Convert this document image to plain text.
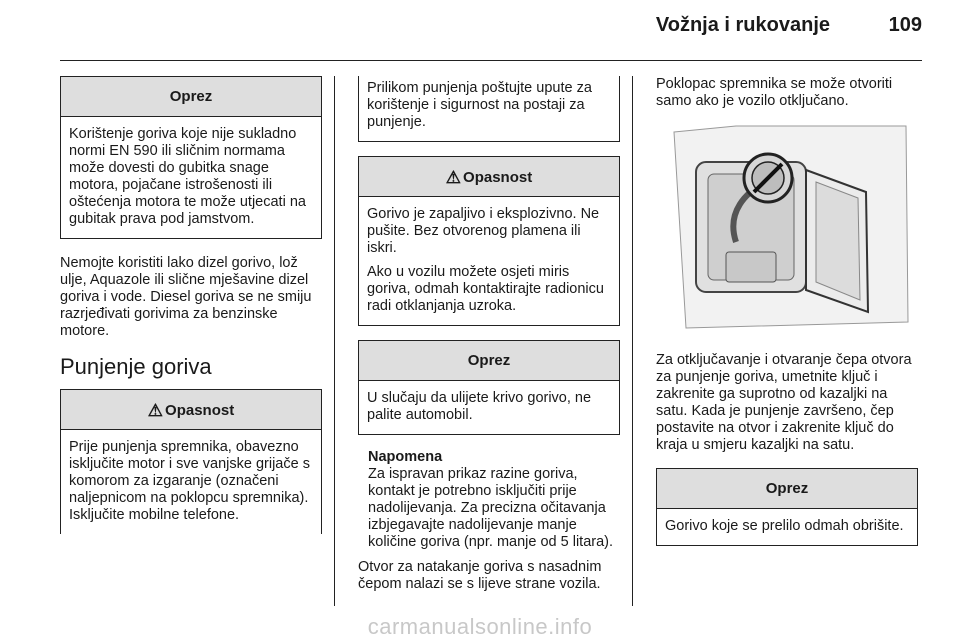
Vožnja i rukovanje	109
Oprez

Korištenje goriva koje nije sukladno normi EN 590 ili sličnim normama može dovesti do gubitka snage motora, pojačane istrošenosti ili oštećenja motora te može utjecati na gubitak prava pod jamstvom.

Nemojte koristiti lako dizel gorivo, lož ulje, Aquazole ili slične mješavine dizel goriva i vode. Diesel goriva se ne smiju razrjeđivati gorivima za benzinske motore.

Punjenje goriva
⚠ Opasnost

Prije punjenja spremnika, obavezno isključite motor i sve vanjske grijače s komorom za izgaranje (označeni naljepnicom na poklopcu spremnika). Isključite mobilne telefone.

Prilikom punjenja poštujte upute za korištenje i sigurnost na postaji za punjenje.

⚠ Opasnost

Gorivo je zapaljivo i eksplozivno. Ne pušite. Bez otvorenog plamena ili iskri.

Ako u vozilu možete osjeti miris goriva, odmah kontaktirajte radionicu radi otklanjanja uzroka.

Oprez

U slučaju da ulijete krivo gorivo, ne palite automobil.

Napomena

Za ispravan prikaz razine goriva, kontakt je potrebno isključiti prije nadolijevanja. Za precizna očitavanja izbjegavajte nadolijevanje manje količine goriva (npr. manje od 5 litara).

Otvor za natakanje goriva s nasadnim čepom nalazi se s lijeve strane vozila.

Poklopac spremnika se može otvoriti samo ako je vozilo otključano.

Za otključavanje i otvaranje čepa otvora za punjenje goriva, umetnite ključ i zakrenite ga suprotno od kazaljki na satu. Kada je punjenje završeno, čep postavite na otvor i zakrenite ključ do kraja u smjeru kazaljki na satu.

Oprez

Gorivo koje se prelilo odmah obrišite.

carmanualsonline.info
